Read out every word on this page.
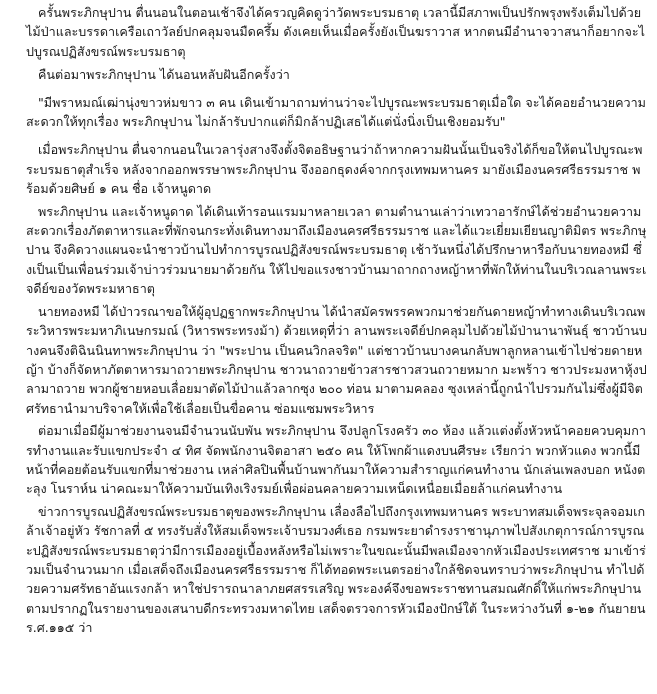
ครั้นพระภิกษุปาน ตื่นนอนในตอนเช้าจึงได้ครวญคิดดูว่าวัดพระบรมธาตุ เวลานี้มีสภาพเป็นปรักพรุงพรังเต็มไปด้วยไม้ป่าและบรรดาเครือเถาวัลย์ปกคลุมจนมืดครึ้ม ดังเคยเห็นเมื่อครั้งยังเป็นฆราวาส หากตนมีอำนาจวาสนาก็อยากจะไปบูรณปฏิสังขรณ์พระบรมธาตุ

คืนต่อมาพระภิกษุปาน ได้นอนหลับฝันอีกครั้งว่า

"มีพราหมณ์เฒ่านุ่งขาวห่มขาว ๓ คน เดินเข้ามาถามท่านว่าจะไปบูรณะพระบรมธาตุเมื่อใด จะได้คอยอำนวยความสะดวกให้ทุกเรื่อง พระภิกษุปาน ไม่กล้ารับปากแต่ก็มิกล้าปฏิเสธได้แต่นั่งนิ่งเป็นเชิงยอมรับ"

เมื่อพระภิกษุปาน ตื่นจากนอนในเวลารุ่งสางจึงตั้งจิตอธิษฐานว่าถ้าหากความฝันนั้นเป็นจริงได้ก็ขอให้ตนไปบูรณะพระบรมธาตุสำเร็จ หลังจากออกพรรษาพระภิกษุปาน จึงออกธุดงค์จากกรุงเทพมหานคร มายังเมืองนครศรีธรรมราช พร้อมด้วยศิษย์ ๑ คน ชื่อ เจ้าหนูดาด

พระภิกษุปาน และเจ้าหนูดาด ได้เดินเท้ารอนแรมมาหลายเวลา ตามตำนานเล่าว่าเทวาอารักษ์ได้ช่วยอำนวยความสะดวกเรื่องภัตตาหารและที่พักจนกระทั่งเดินทางมาถึงเมืองนครศรีธรรมราช และได้แวะเยี่ยมเยียนญาติมิตร พระภิกษุปาน จึงคิดวางแผนจะนำชาวบ้านไปทำการบูรณปฏิสังขรณ์พระบรมธาตุ เช้าวันหนึ่งได้ปรึกษาหารือกับนายทองหมี ซึ่งเป็นเป็นเพื่อนร่วมเจ้าบ่าวร่วมนายมาด้วยกัน ให้ไปขอแรงชาวบ้านมาถากถางหญ้าหาที่พักให้ท่านในบริเวณลานพระเจดีย์ของวัดพระมหาธาตุ

นายทองหมี ได้ป่าวรณาขอให้ผู้อุปฏฐากพระภิกษุปาน ได้นำสมัครพรรคพวกมาช่วยกันดายหญ้าทำทางเดินบริเวณพระวิหารพระมหาภิเนษกรมณ์ (วิหารพระทรงม้า) ด้วยเหตุที่ว่า ลานพระเจดีย์ปกคลุมไปด้วยไม้ป่านานาพันธุ์ ชาวบ้านบางคนจึงติฉินนินทาพระภิกษุปาน ว่า "พระปาน เป็นคนวิกลจริต" แต่ชาวบ้านบางคนกลับพาลูกหลานเข้าไปช่วยดายหญ้า บ้างก็จัดหาภัตตาหารมาถวายพระภิกษุปาน ชาวนาถวายข้าวสารชาวสวนถวายหมาก มะพร้าว ชาวประมงหาหุ้งปลามาถวาย พวกผู้ชายหอบเลื่อยมาตัดไม้ป่าแล้วลากซุง ๒๐๐ ท่อน มาตามคลอง ซุงเหล่านี้ถูกนำไปรวมกันไม่ซึ่งผู้มีจิตศรัทธานำมาบริจาคให้เพื่อใช้เลื่อยเป็นขื่อคาน ซ่อมแซมพระวิหาร

ต่อมาเมื่อมีผู้มาช่วยงานจนมีจำนวนนับพัน พระภิกษุปาน จึงปลูกโรงครัว ๓๐ ห้อง แล้วแต่งตั้งหัวหน้าคอยควบคุมการทำงานและรับแขกประจำ ๔ ทิศ จัดพนักงานจิตอาสา ๒๕๐ คน ให้โพกผ้าแดงบนศีรษะ เรียกว่า พวกหัวแดง พวกนี้มีหน้าที่คอยต้อนรับแขกที่มาช่วยงาน เหล่าศิลปินพื้นบ้านพากันมาให้ความสำราญแก่คนทำงาน นักเล่นเพลงบอก หนังตะลุง โนราห์น น่าคณะมาให้ความบันเทิงเริงรมย์เพื่อผ่อนคลายความเหน็ดเหนื่อยเมื่อยล้าแก่คนทำงาน

ข่าวการบูรณปฏิสังขรณ์พระบรมธาตุของพระภิกษุปาน เลื่องลือไปถึงกรุงเทพมหานคร พระบาทสมเด็จพระจุลจอมเกล้าเจ้าอยู่หัว รัชกาลที่ ๕ ทรงรับสั่งให้สมเด็จพระเจ้าบรมวงศ์เธอ กรมพระยาดำรงราชานุภาพไปสังเกตุการณ์การบูรณะปฏิสังขรณ์พระบรมธาตุว่ามีการเมืองอยู่เบื้องหลังหรือไม่เพราะในขณะนั้นมีพลเมืองจากหัวเมืองประเทศราช มาเข้าร่วมเป็นจำนวนมาก เมื่อเสด็จถึงเมืองนครศรีธรรมราช ก็ได้ทอดพระเนตรอย่างใกล้ชิดจนทราบว่าพระภิกษุปาน ทำไปด้วยความศรัทธาอันแรงกล้า หาใช่ปรารถนาลาภยศสรรเสริญ พระองค์จึงขอพระราชทานสมณศักดิ์ให้แก่พระภิกษุปาน ตามปรากฏในรายงานของเสนาบดีกระทรวงมหาดไทย เสด็จตรวจการหัวเมืองปักษ์ใต้ ในระหว่างวันที่ ๑-๒๑ กันยายน ร.ศ.๑๑๕ ว่า
